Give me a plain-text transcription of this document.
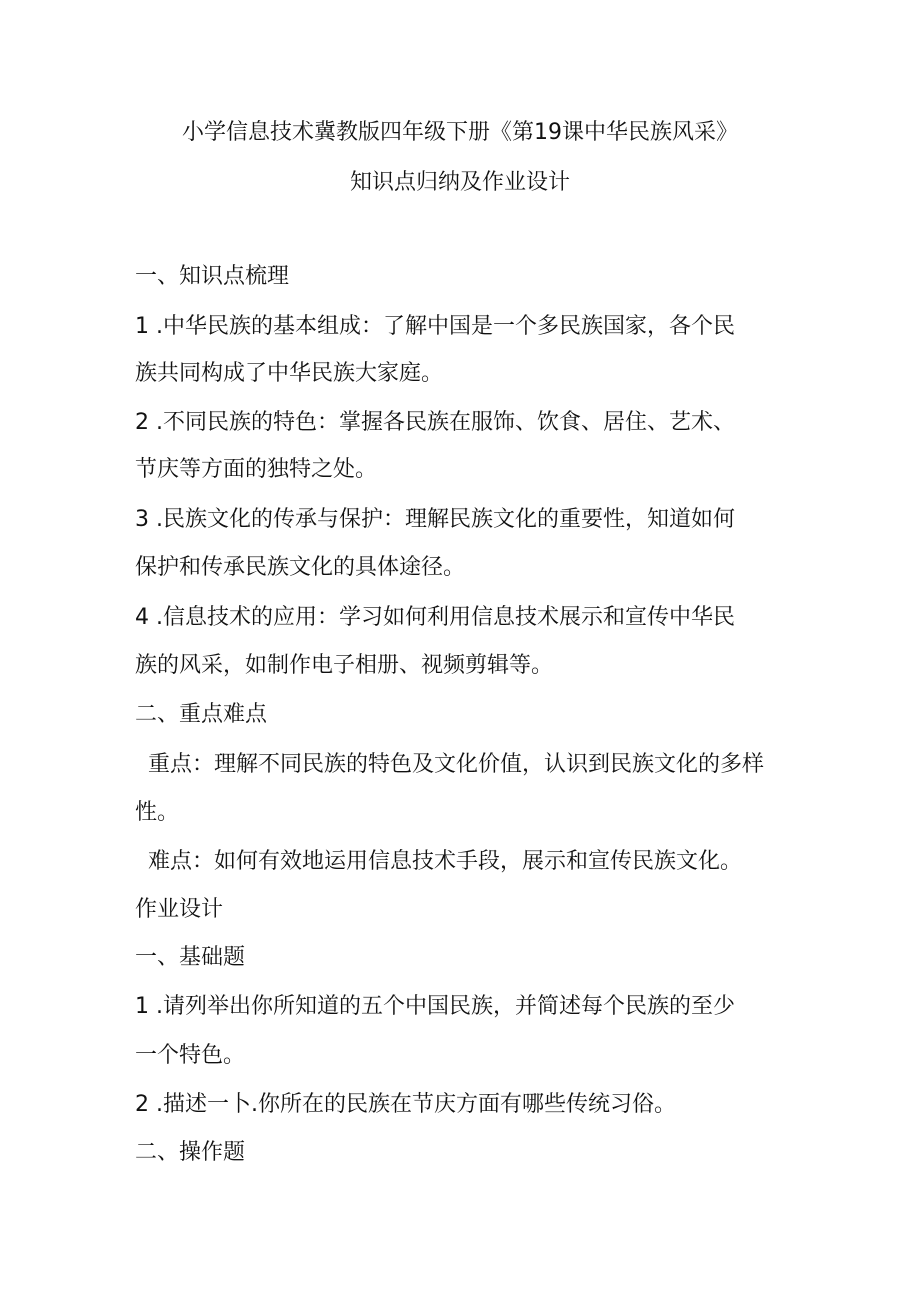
小学信息技术冀教版四年级下册《第19课中华民族风采》
知识点归纳及作业设计
一、知识点梳理
1 .中华民族的基本组成：了解中国是一个多民族国家，各个民
族共同构成了中华民族大家庭。
2 .不同民族的特色：掌握各民族在服饰、饮食、居住、艺术、
节庆等方面的独特之处。
3 .民族文化的传承与保护：理解民族文化的重要性，知道如何
保护和传承民族文化的具体途径。
4 .信息技术的应用：学习如何利用信息技术展示和宣传中华民
族的风采，如制作电子相册、视频剪辑等。
二、重点难点
重点：理解不同民族的特色及文化价值，认识到民族文化的多样
性。
难点：如何有效地运用信息技术手段，展示和宣传民族文化。
作业设计
一、基础题
1 .请列举出你所知道的五个中国民族，并简述每个民族的至少
一个特色。
2 .描述一卜.你所在的民族在节庆方面有哪些传统习俗。
二、操作题
